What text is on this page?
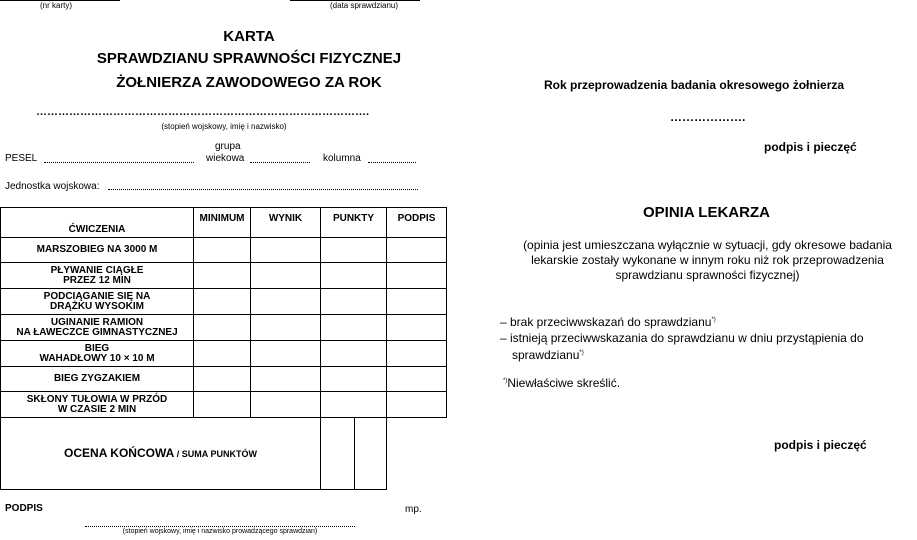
(nr karty)	(data sprawdzianu)
KARTA
SPRAWDZIANU SPRAWNOŚCI FIZYCZNEJ
ŻOŁNIERZA ZAWODOWEGO ZA ROK
……………………………………………………………………………….
(stopień wojskowy, imię i nazwisko)
PESEL
grupa
wiekowa	kolumna
Jednostka wojskowa:
ĆWICZENIA	MINIMUM	WYNIK	PUNKTY		PODPIS
MARSZOBIEG NA 3000 M					
PŁYWANIE CIĄGŁE
PRZEZ 12 MIN					
PODCIĄGANIE SIĘ NA
DRĄŻKU WYSOKIM					
UGINANIE RAMION
NA ŁAWECZCE GIMNASTYCZNEJ					
BIEG
WAHADŁOWY 10 × 10 M					
BIEG ZYGZAKIEM					
SKŁONY TUŁOWIA W PRZÓD
W CZASIE 2 MIN					
OCENA KOŃCOWA / SUMA PUNKTÓW					
PODPIS	mp.
(stopień wojskowy, imię i nazwisko prowadzącego sprawdzian)
Rok przeprowadzenia badania okresowego żołnierza
……………….
podpis i pieczęć
OPINIA LEKARZA
(opinia jest umieszczana wyłącznie w sytuacji, gdy okresowe badania
lekarskie zostały wykonane w innym roku niż rok przeprowadzenia
sprawdzianu sprawności fizycznej)
– brak przeciwwskazań do sprawdzianu*)
– istnieją przeciwwskazania do sprawdzianu w dniu przystąpienia do
sprawdzianu*)
*)Niewłaściwe skreślić.
podpis i pieczęć
